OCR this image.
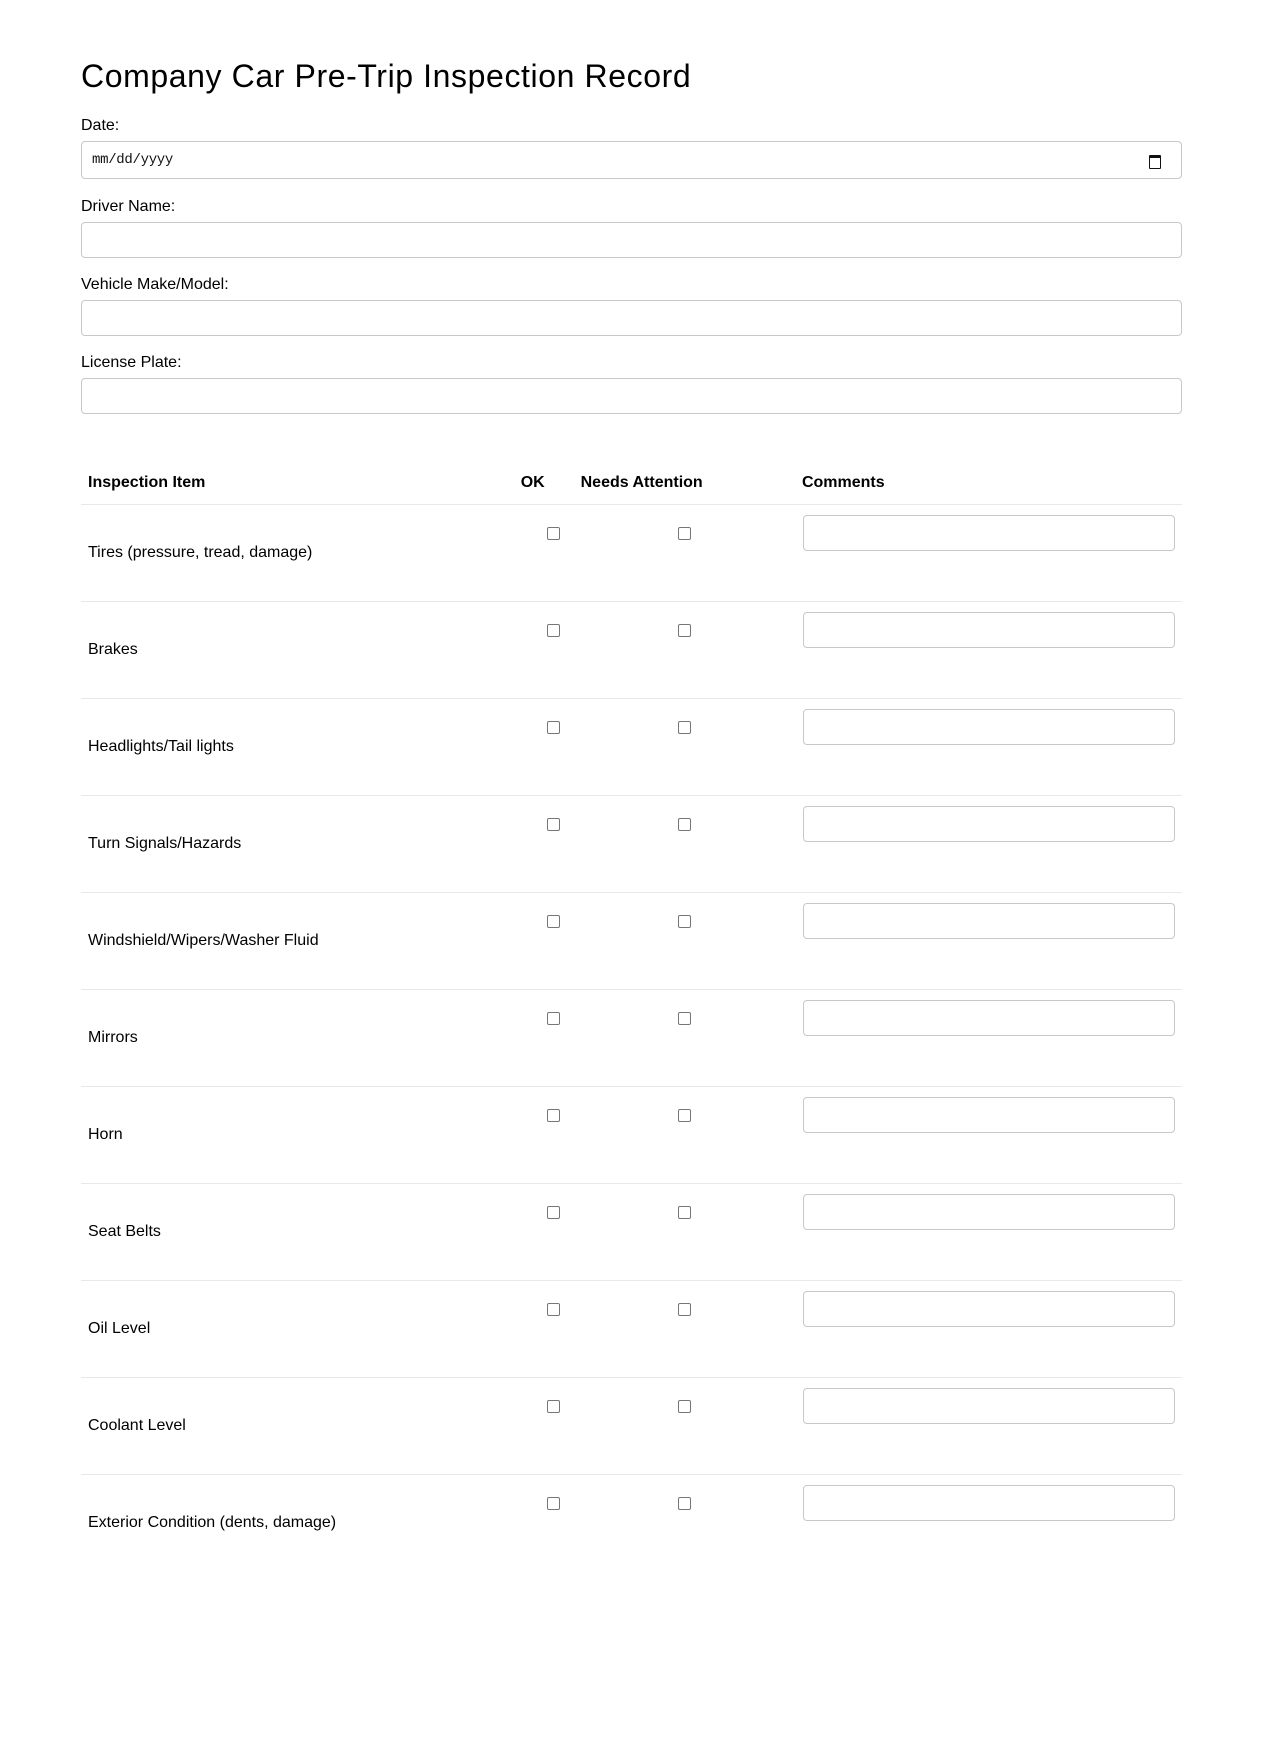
Company Car Pre-Trip Inspection Record
Date:
mm/dd/yyyy
Driver Name:
Vehicle Make/Model:
License Plate:
Inspection Item	OK	Needs Attention	Comments
Tires (pressure, tread, damage)			

Brakes			

Headlights/Tail lights			

Turn Signals/Hazards			

Windshield/Wipers/Washer Fluid			

Mirrors			

Horn			

Seat Belts			

Oil Level			

Coolant Level			

Exterior Condition (dents, damage)			
